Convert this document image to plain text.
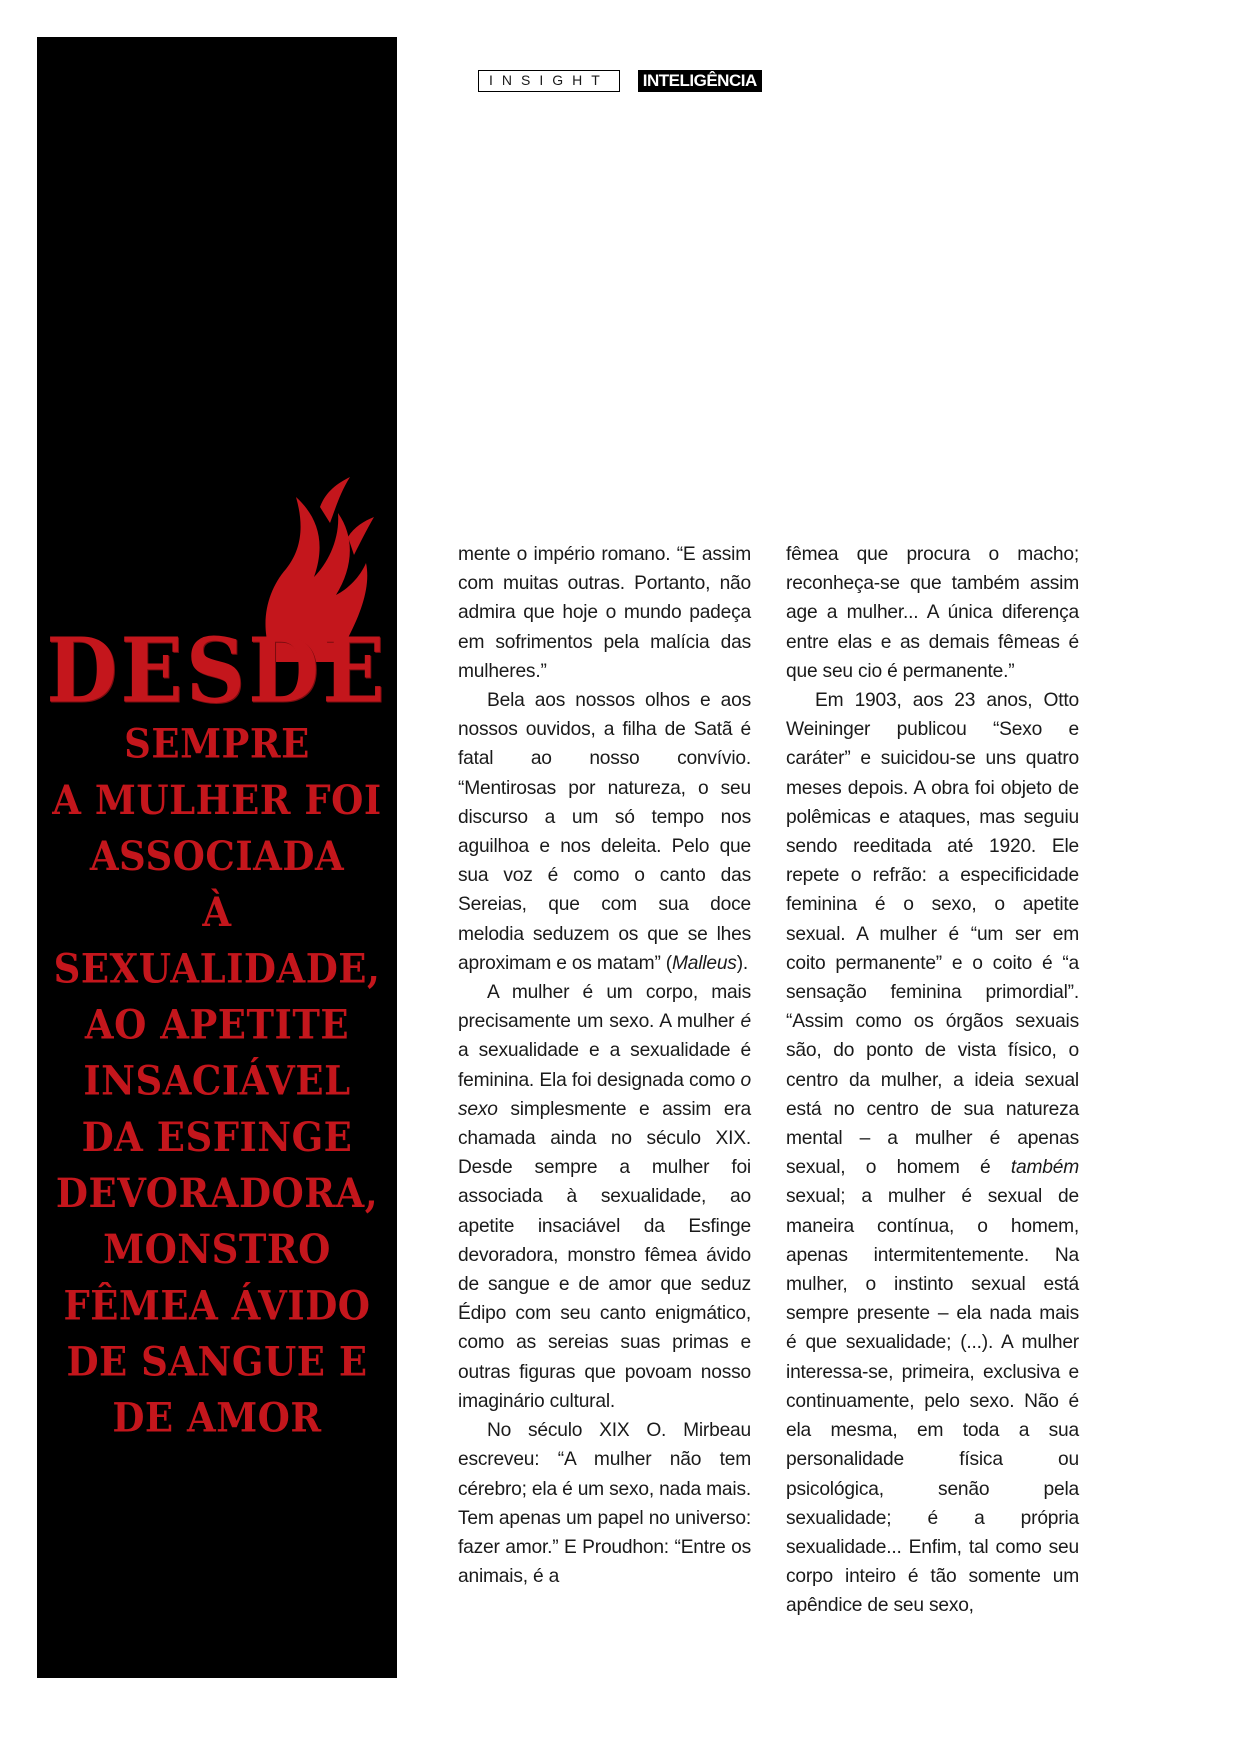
DESDE
SEMPRE
A MULHER FOI
ASSOCIADA
À
SEXUALIDADE,
AO APETITE
INSACIÁVEL
DA ESFINGE
DEVORADORA,
MONSTRO
FÊMEA ÁVIDO
DE SANGUE E
DE AMOR
INSIGHT	INTELIGÊNCIA

mente o império romano. “E assim com muitas outras. Portanto, não admira que hoje o mundo padeça em sofrimentos pela malícia das mulheres.”

Bela aos nossos olhos e aos nossos ouvidos, a filha de Satã é fatal ao nosso convívio. “Mentirosas por natureza, o seu discurso a um só tempo nos aguilhoa e nos deleita. Pelo que sua voz é como o canto das Sereias, que com sua doce melodia seduzem os que se lhes aproximam e os matam” (Malleus).

A mulher é um corpo, mais precisamente um sexo. A mulher é a sexualidade e a sexualidade é feminina. Ela foi designada como o sexo simplesmente e assim era chamada ainda no século XIX. Desde sempre a mulher foi associada à sexualidade, ao apetite insaciável da Esfinge devoradora, monstro fêmea ávido de sangue e de amor que seduz Édipo com seu canto enigmático, como as sereias suas primas e outras figuras que povoam nosso imaginário cultural.

No século XIX O. Mirbeau escreveu: “A mulher não tem cérebro; ela é um sexo, nada mais. Tem apenas um papel no universo: fazer amor.” E Proudhon: “Entre os animais, é a

fêmea que procura o macho; reconheça-se que também assim age a mulher... A única diferença entre elas e as demais fêmeas é que seu cio é permanente.”

Em 1903, aos 23 anos, Otto Weininger publicou “Sexo e caráter” e suicidou-se uns quatro meses depois. A obra foi objeto de polêmicas e ataques, mas seguiu sendo reeditada até 1920. Ele repete o refrão: a especificidade feminina é o sexo, o apetite sexual. A mulher é “um ser em coito permanente” e o coito é “a sensação feminina primordial”. “Assim como os órgãos sexuais são, do ponto de vista físico, o centro da mulher, a ideia sexual está no centro de sua natureza mental – a mulher é apenas sexual, o homem é também sexual; a mulher é sexual de maneira contínua, o homem, apenas intermitentemente. Na mulher, o instinto sexual está sempre presente – ela nada mais é que sexualidade; (...). A mulher interessa-se, primeira, exclusiva e continuamente, pelo sexo. Não é ela mesma, em toda a sua personalidade física ou psicológica, senão pela sexualidade; é a própria sexualidade... Enfim, tal como seu corpo inteiro é tão somente um apêndice de seu sexo,
